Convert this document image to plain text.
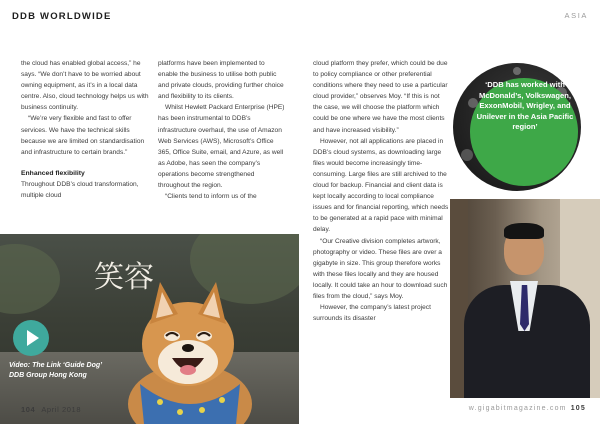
DDB WORLDWIDE	ASIA

the cloud has enabled global access,” he says. “We don’t have to be worried about owning equipment, as it’s in a local data centre. Also, cloud technology helps us with business continuity.

“We’re very flexible and fast to offer services. We have the technical skills because we are limited on standardisation and infrastructure to certain brands.”

Enhanced flexibility

Throughout DDB’s cloud transformation, multiple cloud

platforms have been implemented to enable the business to utilise both public and private clouds, providing further choice and flexibility to its clients.

Whilst Hewlett Packard Enterprise (HPE) has been instrumental to DDB’s infrastructure overhaul, the use of Amazon Web Services (AWS), Microsoft’s Office 365, Office Suite, email, and Azure, as well as Adobe, has seen the company’s operations become strengthened throughout the region.

“Clients tend to inform us of the

cloud platform they prefer, which could be due to policy compliance or other preferential conditions where they need to use a particular cloud provider,” observes Moy. “If this is not the case, we will choose the platform which could be one where we have the most clients and have increased visibility.”

However, not all applications are placed in DDB’s cloud systems, as downloading large files would become increasingly time-consuming. Large files are still archived to the cloud for backup. Financial and client data is kept locally according to local compliance issues and for financial reporting, which needs to be generated at a rapid pace with minimal delay.

“Our Creative division completes artwork, photography or video. These files are over a gigabyte in size. This group therefore works with these files locally and they are housed locally. It could take an hour to download such files from the cloud,” says Moy.

However, the company’s latest project surrounds its disaster

笑容
Video: The Link ‘Guide Dog’
DDB Group Hong Kong
‘DDB has worked with McDonald’s, Volkswagen, ExxonMobil, Wrigley, and Unilever in the Asia Pacific region’
104 April 2018	w.gigabitmagazine.com 105
